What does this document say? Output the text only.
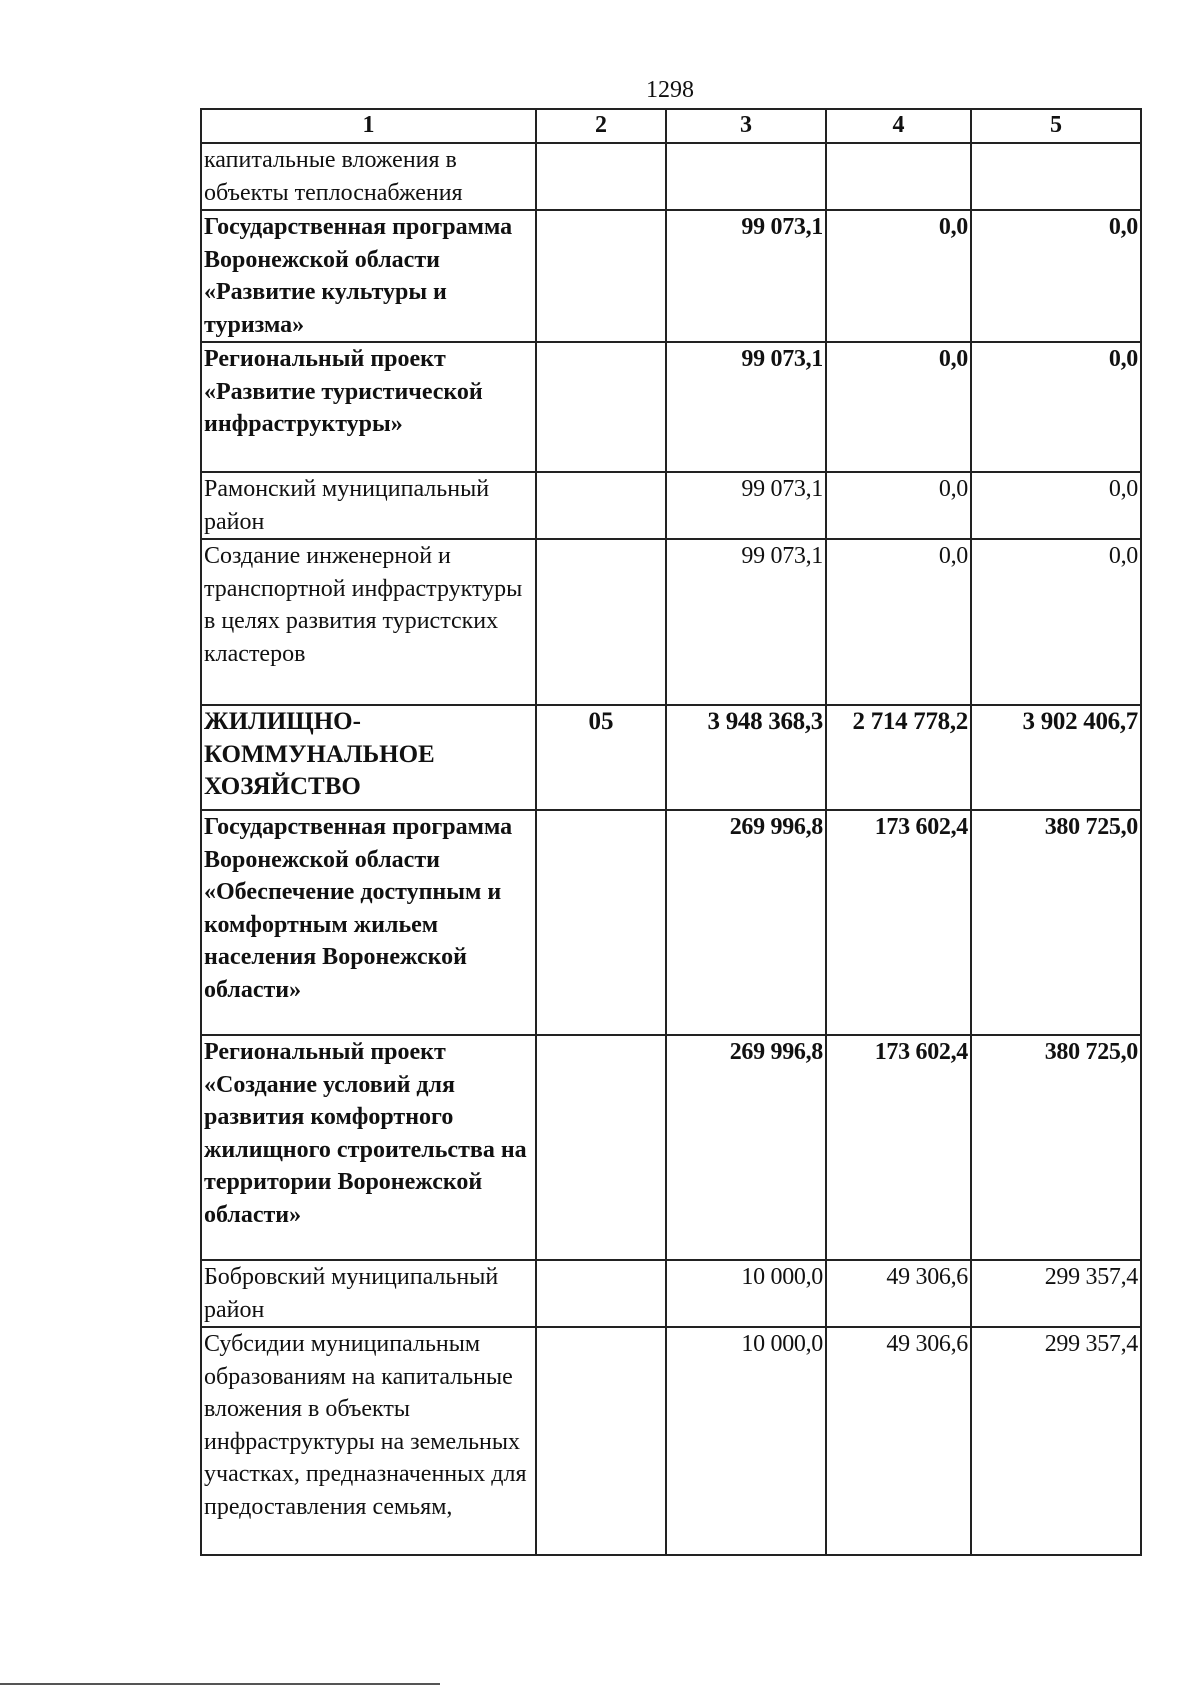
1298
1	2	3	4	5
капитальные вложения в объекты теплоснабжения				
Государственная программа Воронежской области «Развитие культуры и туризма»		99 073,1	0,0	0,0
Региональный проект «Развитие туристической инфраструктуры»		99 073,1	0,0	0,0
Рамонский муниципальный район		99 073,1	0,0	0,0
Создание инженерной и транспортной инфраструктуры в целях развития туристских кластеров		99 073,1	0,0	0,0
ЖИЛИЩНО-КОММУНАЛЬНОЕ ХОЗЯЙСТВО	05	3 948 368,3	2 714 778,2	3 902 406,7
Государственная программа Воронежской области «Обеспечение доступным и комфортным жильем населения Воронежской области»		269 996,8	173 602,4	380 725,0
Региональный проект «Создание условий для развития комфортного жилищного строительства на территории Воронежской области»		269 996,8	173 602,4	380 725,0
Бобровский муниципальный район		10 000,0	49 306,6	299 357,4
Субсидии муниципальным образованиям на капитальные вложения в объекты инфраструктуры на земельных участках, предназначенных для предоставления семьям,		10 000,0	49 306,6	299 357,4
